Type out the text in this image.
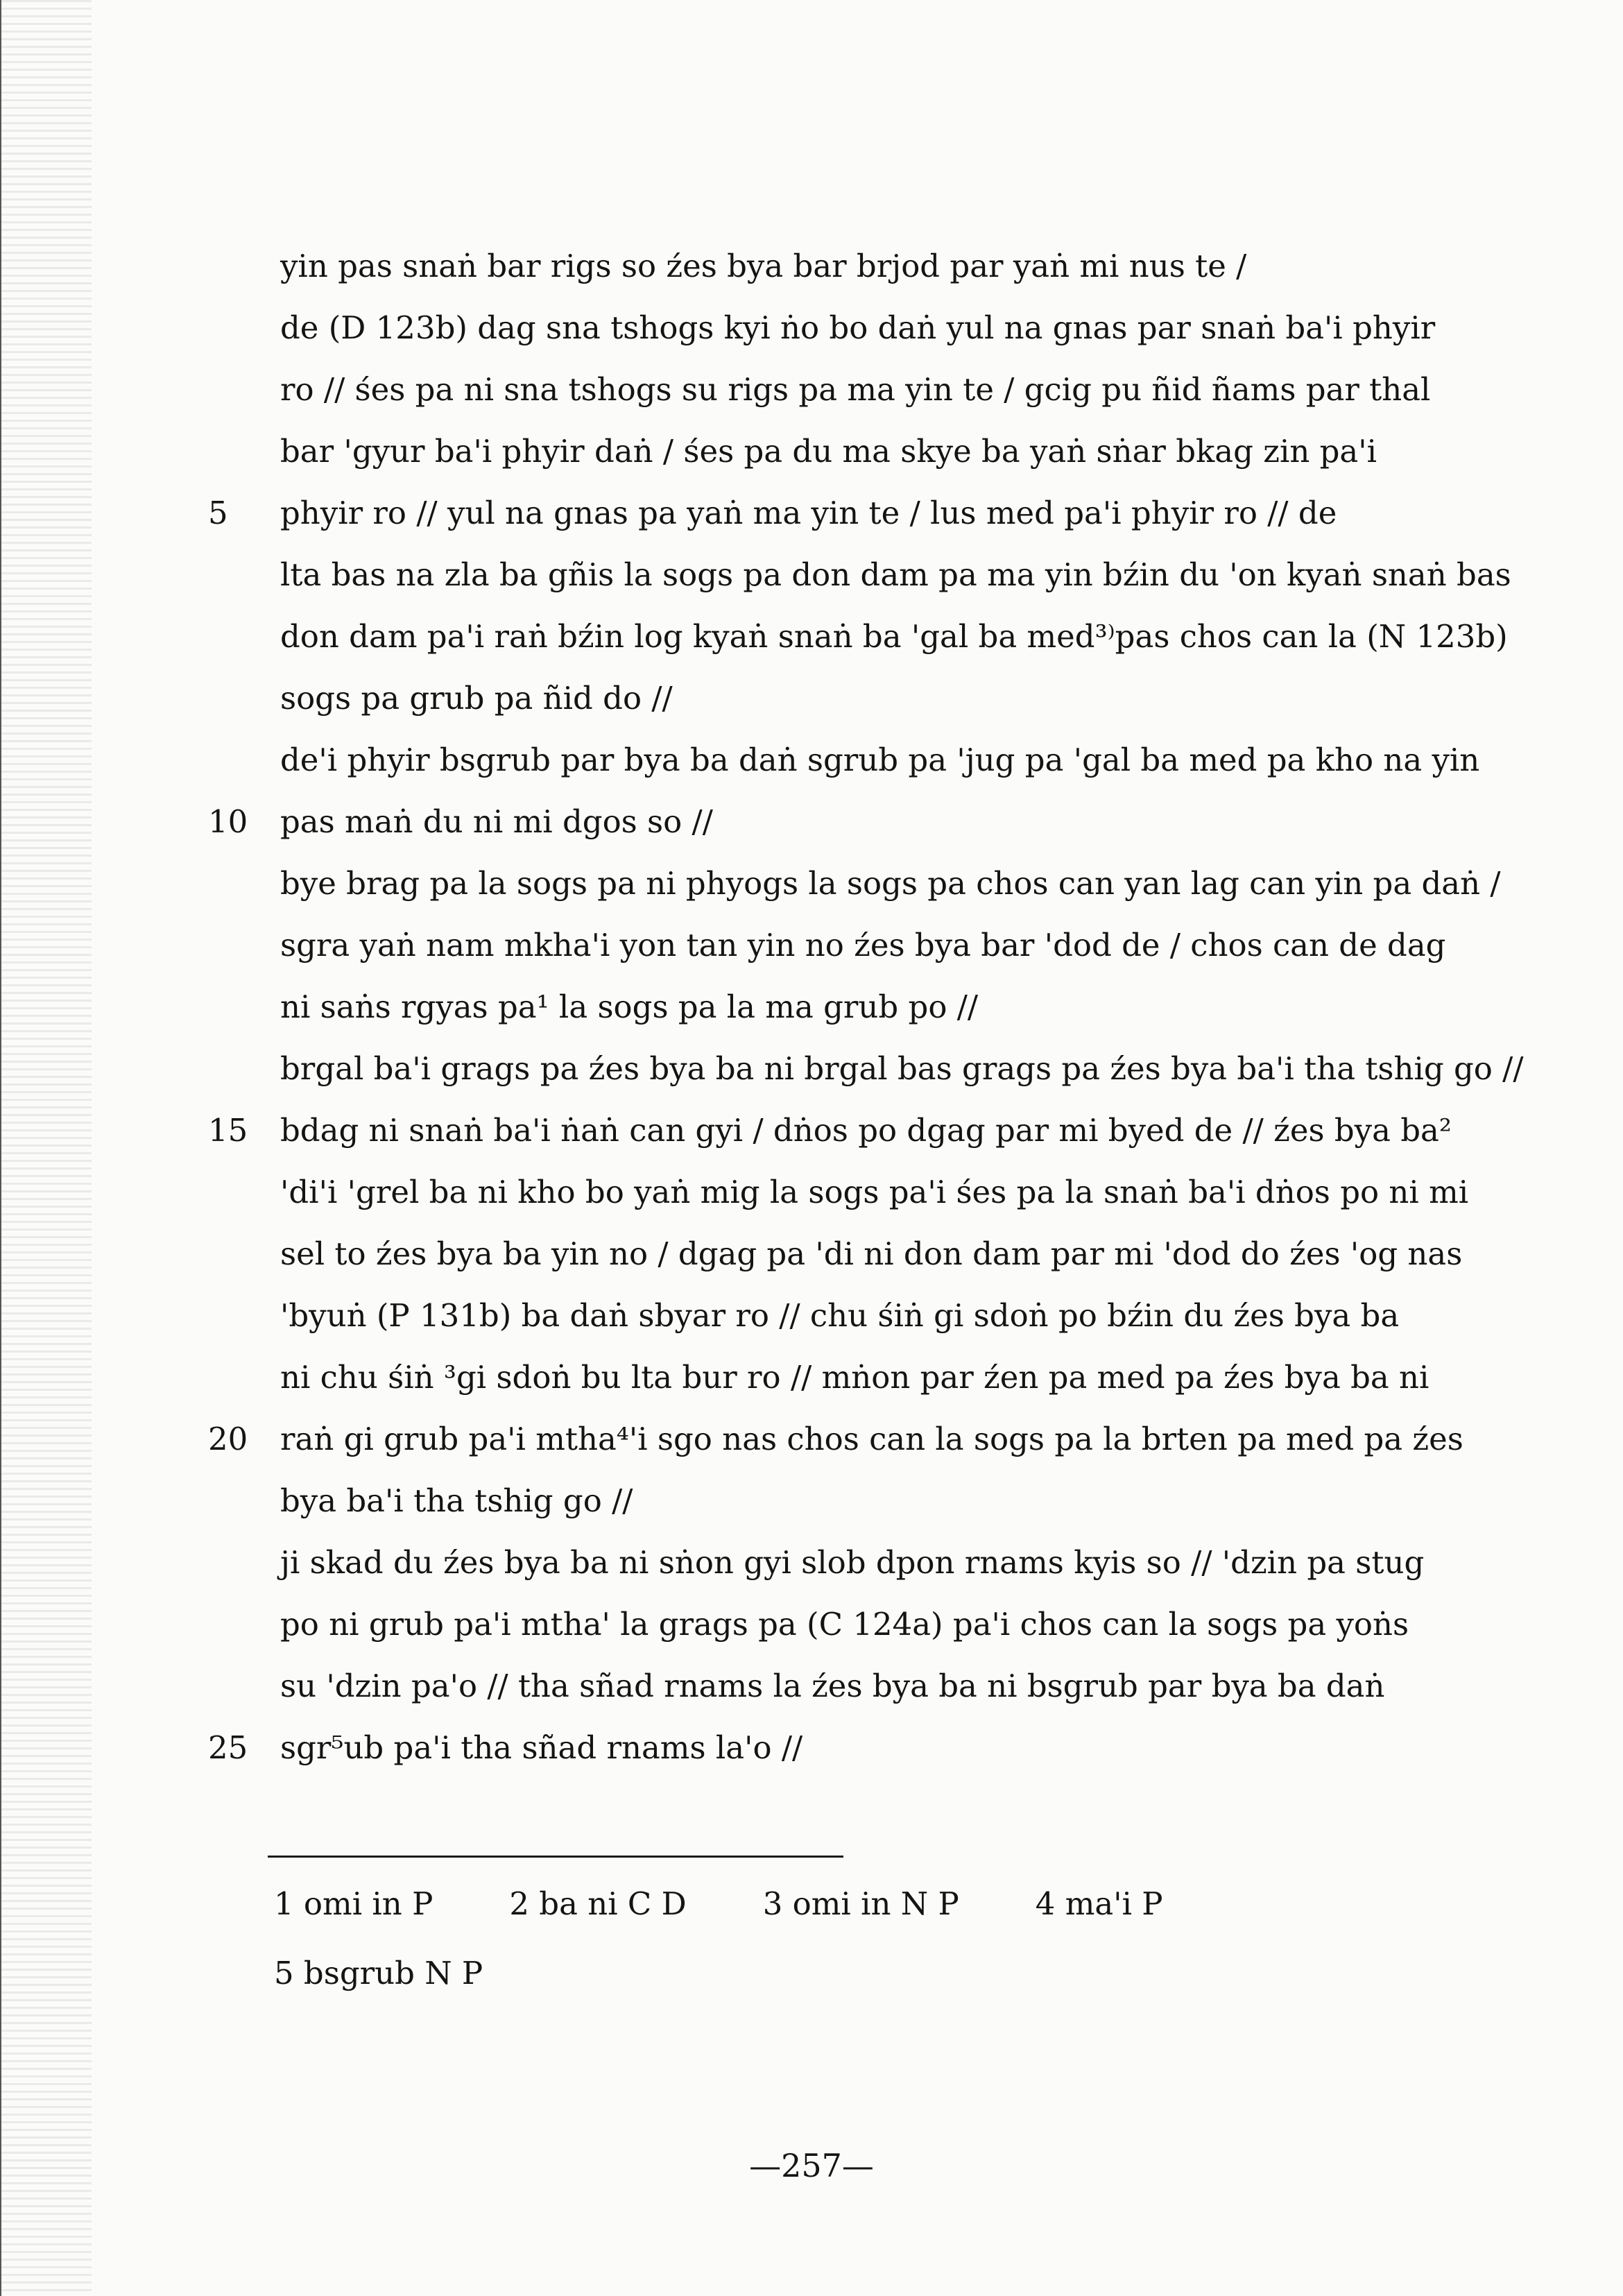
yin pas snaṅ bar rigs so źes bya bar brjod par yaṅ mi nus te /
de (D 123b) dag sna tshogs kyi ṅo bo daṅ yul na gnas par snaṅ ba'i phyir
ro // śes pa ni sna tshogs su rigs pa ma yin te / gcig pu ñid ñams par thal
bar 'gyur ba'i phyir daṅ / śes pa du ma skye ba yaṅ sṅar bkag zin pa'i
phyir ro // yul na gnas pa yaṅ ma yin te / lus med pa'i phyir ro // de
lta bas na zla ba gñis la sogs pa don dam pa ma yin bźin du 'on kyaṅ snaṅ bas
don dam pa'i raṅ bźin log kyaṅ snaṅ ba 'gal ba med³⁾pas chos can la (N 123b)
sogs pa grub pa ñid do //
de'i phyir bsgrub par bya ba daṅ sgrub pa 'jug pa 'gal ba med pa kho na yin
pas maṅ du ni mi dgos so //
bye brag pa la sogs pa ni phyogs la sogs pa chos can yan lag can yin pa daṅ /
sgra yaṅ nam mkha'i yon tan yin no źes bya bar 'dod de / chos can de dag
ni saṅs rgyas pa¹ la sogs pa la ma grub po //
brgal ba'i grags pa źes bya ba ni brgal bas grags pa źes bya ba'i tha tshig go //
bdag ni snaṅ ba'i ṅaṅ can gyi / dṅos po dgag par mi byed de // źes bya ba²
'di'i 'grel ba ni kho bo yaṅ mig la sogs pa'i śes pa la snaṅ ba'i dṅos po ni mi
sel to źes bya ba yin no / dgag pa 'di ni don dam par mi 'dod do źes 'og nas
'byuṅ (P 131b) ba daṅ sbyar ro // chu śiṅ gi sdoṅ po bźin du źes bya ba
ni chu śiṅ ³gi sdoṅ bu lta bur ro // mṅon par źen pa med pa źes bya ba ni
raṅ gi grub pa'i mtha⁴'i sgo nas chos can la sogs pa la brten pa med pa źes
bya ba'i tha tshig go //
ji skad du źes bya ba ni sṅon gyi slob dpon rnams kyis so // 'dzin pa stug
po ni grub pa'i mtha' la grags pa (C 124a) pa'i chos can la sogs pa yoṅs
su 'dzin pa'o // tha sñad rnams la źes bya ba ni bsgrub par bya ba daṅ
sgr⁵ub pa'i tha sñad rnams la'o //
5
10
15
20
25
1 omi in P 2 ba ni C D 3 omi in N P 4 ma'i P
5 bsgrub N P
—257—
